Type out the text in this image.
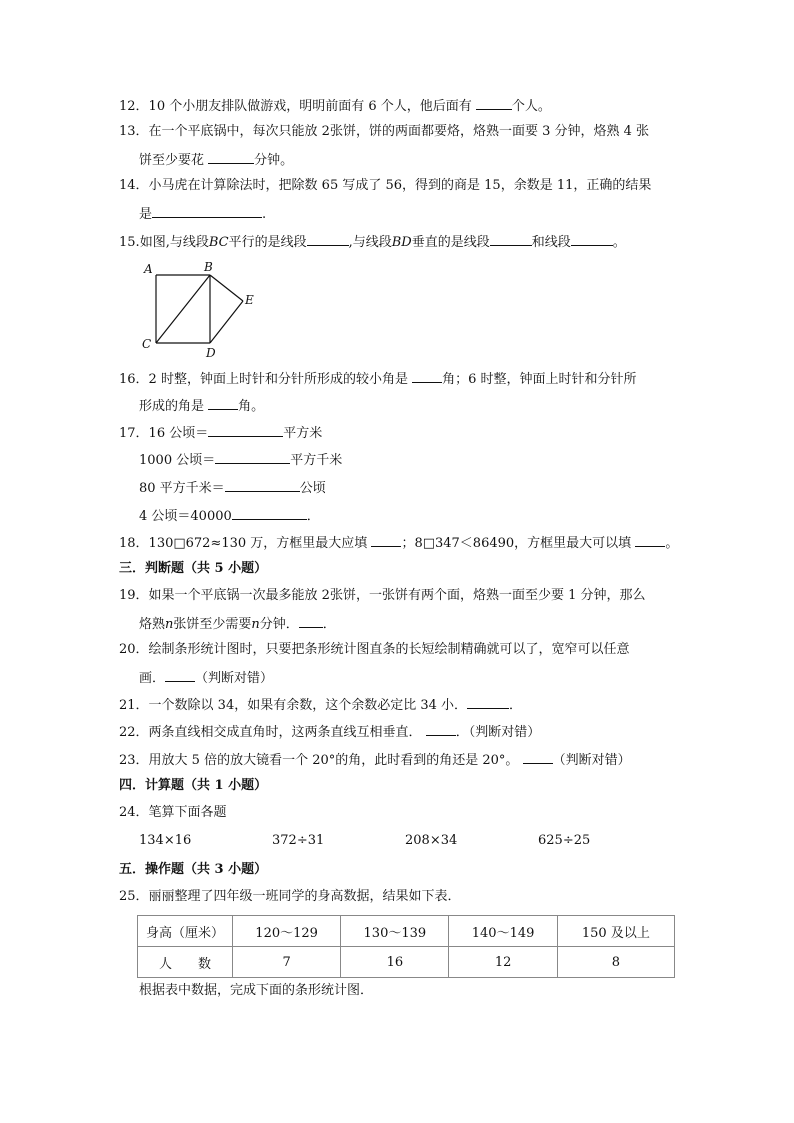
12．10 个小朋友排队做游戏，明明前面有 6 个人，他后面有	个人。
13．在一个平底锅中，每次只能放 2张饼，饼的两面都要烙，烙熟一面要 3 分钟，烙熟 4 张
饼至少要花	分钟。
14．小马虎在计算除法时，把除数 65 写成了 56，得到的商是 15，余数是 11，正确的结果
是	.
15.如图,与线段BC平行的是线段	,与线段BD垂直的是线段	和线段	。
A	B
E
C
D
16．2 时整，钟面上时针和分针所形成的较小角是	角；6 时整，钟面上时针和分针所
形成的角是	角。
17．16 公顷＝	平方米
1000 公顷＝	平方千米
80 平方千米＝	公顷
4 公顷＝40000	．
18．130□672≈130 万，方框里最大应填	；8□347＜86490，方框里最大可以填	。
三．判断题（共 5 小题）
19．如果一个平底锅一次最多能放 2张饼，一张饼有两个面，烙熟一面至少要 1 分钟，那么
烙熟n张饼至少需要n分钟． ．
20．绘制条形统计图时，只要把条形统计图直条的长短绘制精确就可以了，宽窄可以任意
画． （判断对错）
21．一个数除以 34，如果有余数，这个余数必定比 34 小．	．
22．两条直线相交成直角时，这两条直线互相垂直．	．（判断对错）
23．用放大 5 倍的放大镜看一个 20°的角，此时看到的角还是 20°。	（判断对错）
四．计算题（共 1 小题）
24．笔算下面各题
134×16	372÷31	208×34	625÷25
五．操作题（共 3 小题）
25．丽丽整理了四年级一班同学的身高数据，结果如下表．
身高（厘米）	120～129	130～139	140～149	150 及以上
人　　数	7	16	12	8
根据表中数据，完成下面的条形统计图．
